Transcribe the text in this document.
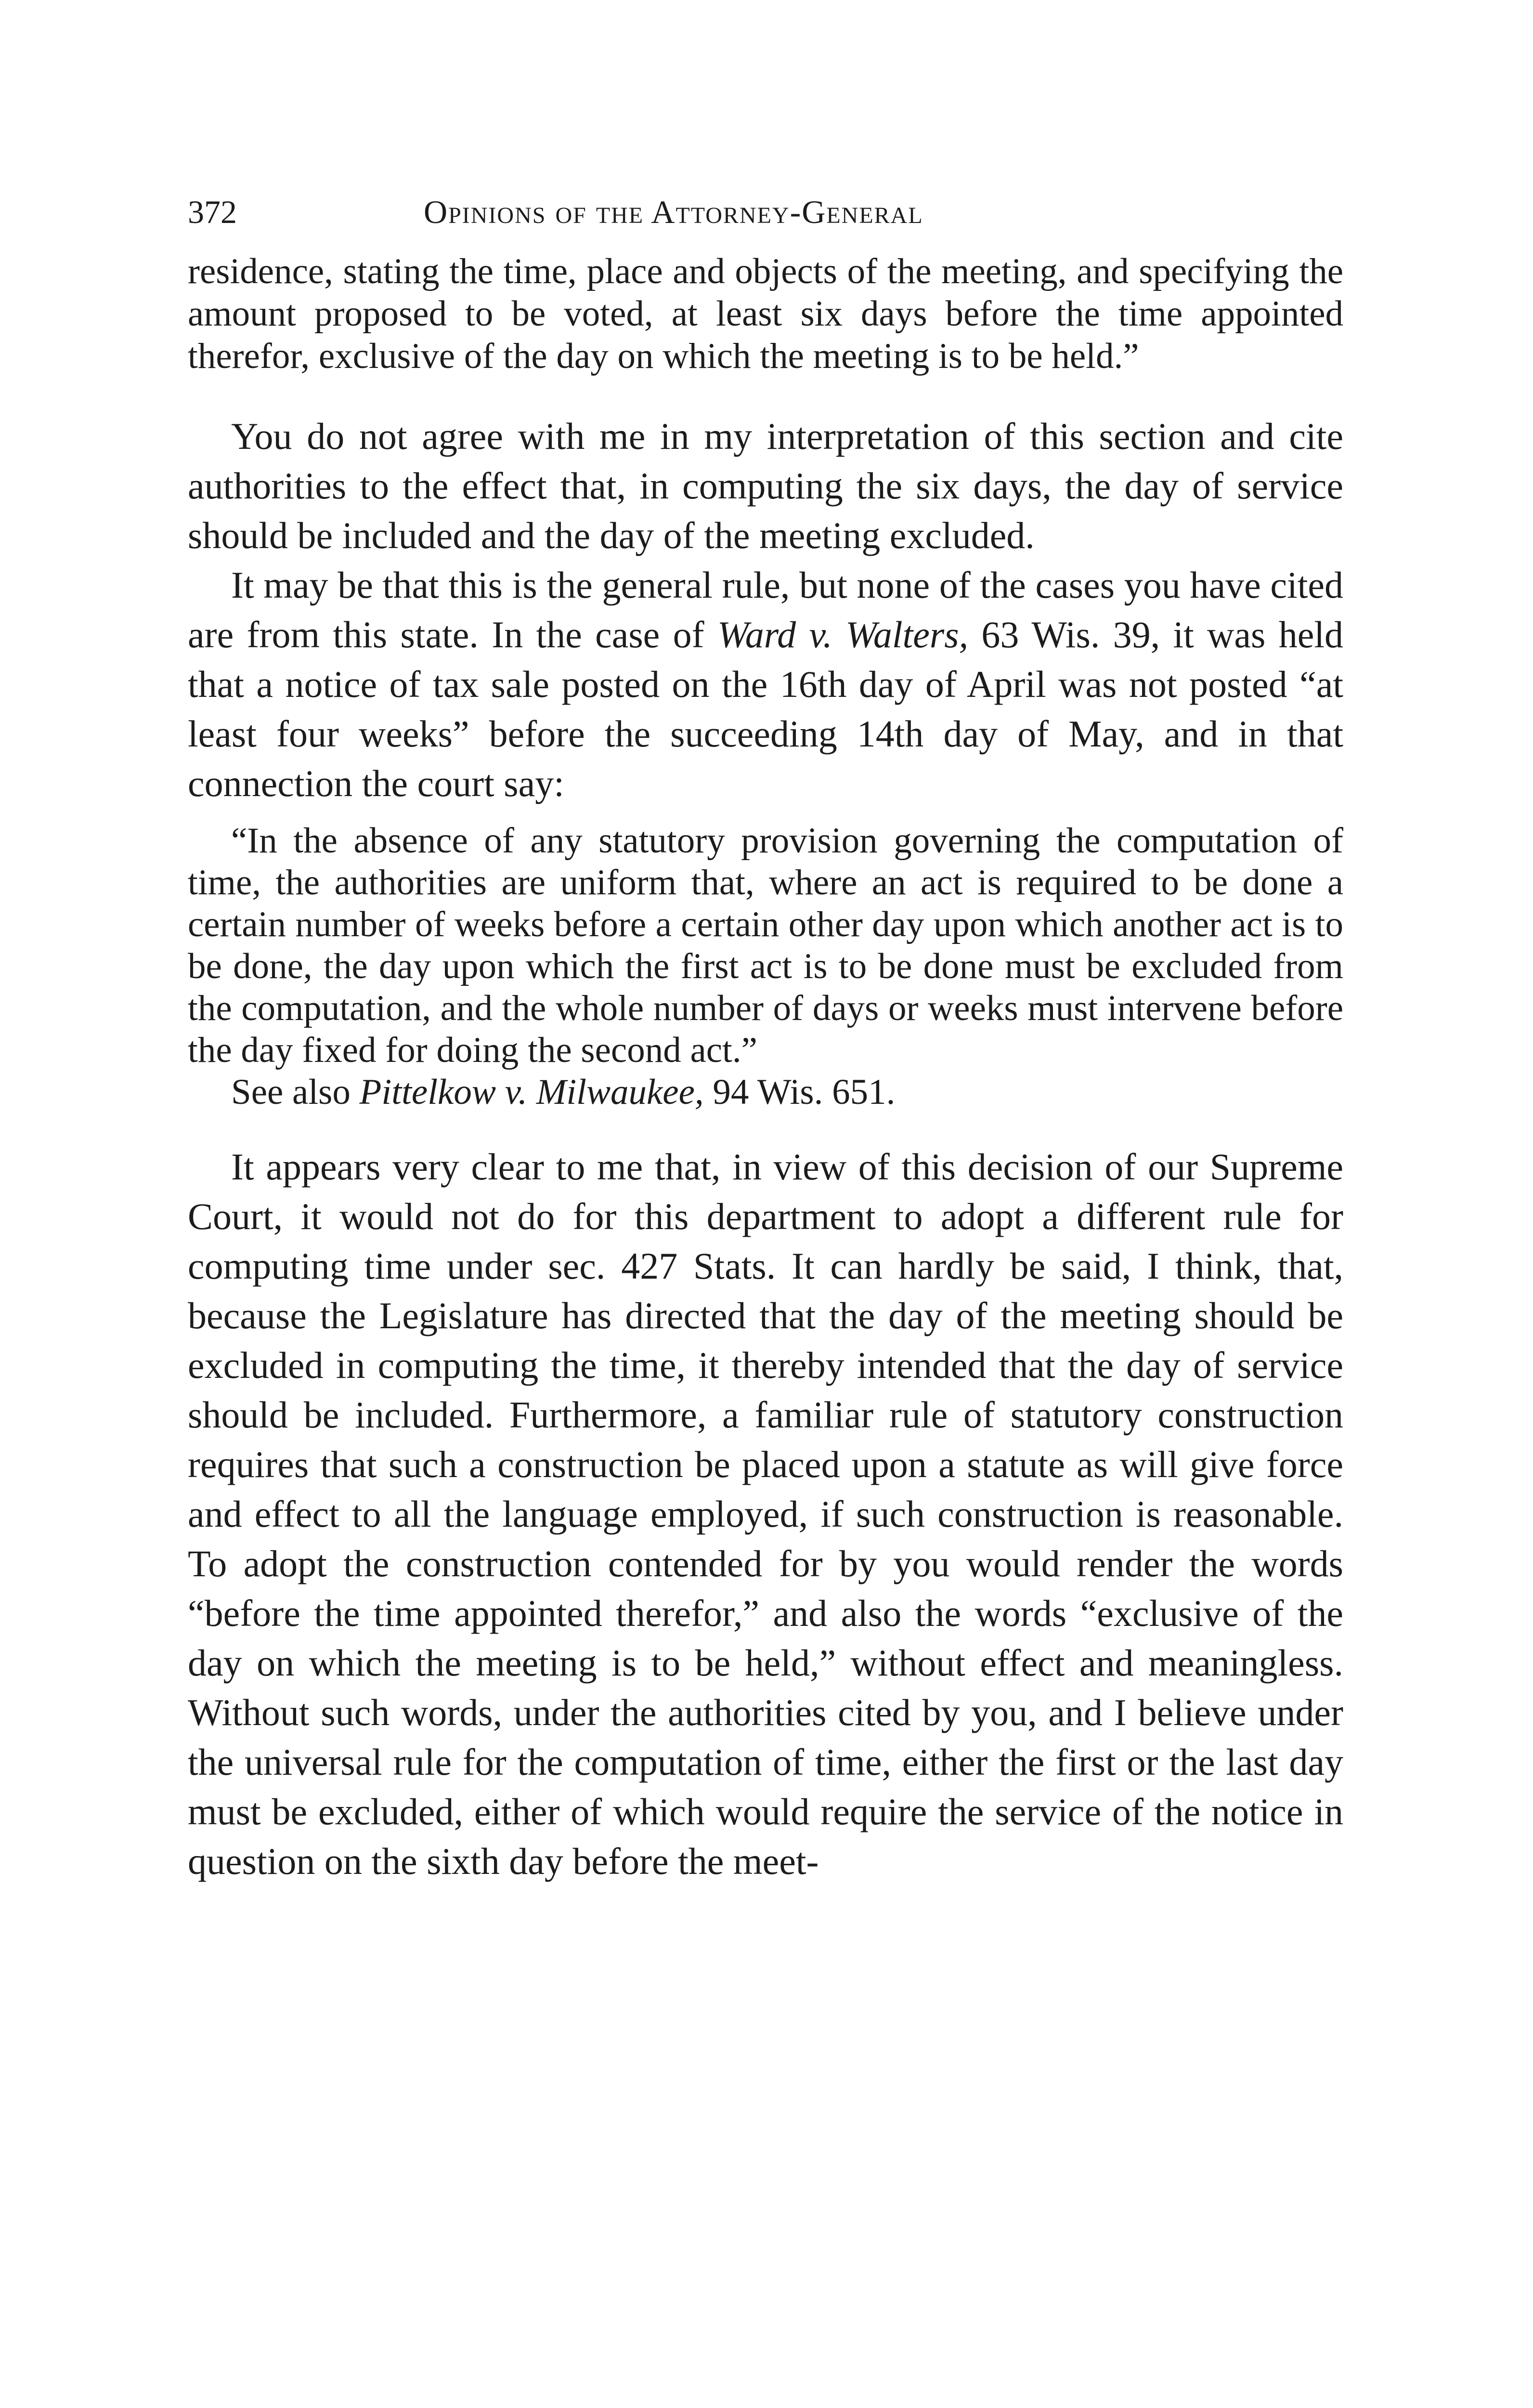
372	Opinions of the Attorney-General

residence, stating the time, place and objects of the meeting, and specifying the amount proposed to be voted, at least six days before the time appointed therefor, exclusive of the day on which the meeting is to be held.”

You do not agree with me in my interpretation of this section and cite authorities to the effect that, in computing the six days, the day of service should be included and the day of the meeting excluded.

It may be that this is the general rule, but none of the cases you have cited are from this state. In the case of Ward v. Walters, 63 Wis. 39, it was held that a notice of tax sale posted on the 16th day of April was not posted “at least four weeks” before the succeeding 14th day of May, and in that connection the court say:

“In the absence of any statutory provision governing the computation of time, the authorities are uniform that, where an act is required to be done a certain number of weeks before a certain other day upon which another act is to be done, the day upon which the first act is to be done must be excluded from the computation, and the whole number of days or weeks must intervene before the day fixed for doing the second act.”

See also Pittelkow v. Milwaukee, 94 Wis. 651.

It appears very clear to me that, in view of this decision of our Supreme Court, it would not do for this department to adopt a different rule for computing time under sec. 427 Stats. It can hardly be said, I think, that, because the Legislature has directed that the day of the meeting should be excluded in computing the time, it thereby intended that the day of service should be included. Furthermore, a familiar rule of statutory construction requires that such a construction be placed upon a statute as will give force and effect to all the language employed, if such construction is reasonable. To adopt the construction contended for by you would render the words “before the time appointed therefor,” and also the words “exclusive of the day on which the meeting is to be held,” without effect and meaningless. Without such words, under the authorities cited by you, and I believe under the universal rule for the computation of time, either the first or the last day must be excluded, either of which would require the service of the notice in question on the sixth day before the meet-
